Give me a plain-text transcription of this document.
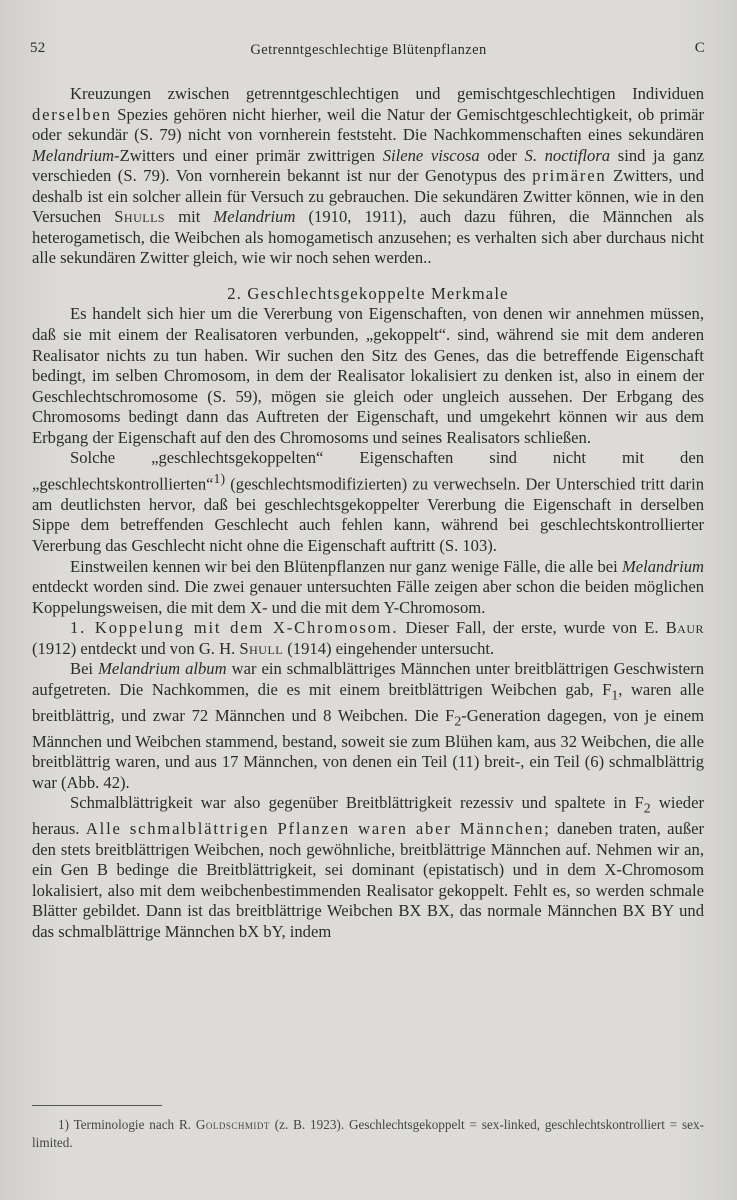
52	Getrenntgeschlechtige Blütenpflanzen	C

Kreuzungen zwischen getrenntgeschlechtigen und gemischtgeschlechtigen Individuen derselben Spezies gehören nicht hierher, weil die Natur der Gemischtgeschlechtigkeit, ob primär oder sekundär (S. 79) nicht von vornherein feststeht. Die Nachkommenschaften eines sekundären Melandrium-Zwitters und einer primär zwittrigen Silene viscosa oder S. noctiflora sind ja ganz verschieden (S. 79). Von vornherein bekannt ist nur der Genotypus des primären Zwitters, und deshalb ist ein solcher allein für Versuch zu gebrauchen. Die sekundären Zwitter können, wie in den Versuchen Shulls mit Melandrium (1910, 1911), auch dazu führen, die Männchen als heterogametisch, die Weibchen als homogametisch anzusehen; es verhalten sich aber durchaus nicht alle sekundären Zwitter gleich, wie wir noch sehen werden..

2. Geschlechtsgekoppelte Merkmale

Es handelt sich hier um die Vererbung von Eigenschaften, von denen wir annehmen müssen, daß sie mit einem der Realisatoren verbunden, „gekoppelt“. sind, während sie mit dem anderen Realisator nichts zu tun haben. Wir suchen den Sitz des Genes, das die betreffende Eigenschaft bedingt, im selben Chromosom, in dem der Realisator lokalisiert zu denken ist, also in einem der Geschlechtschromosome (S. 59), mögen sie gleich oder ungleich aussehen. Der Erbgang des Chromosoms bedingt dann das Auftreten der Eigenschaft, und umgekehrt können wir aus dem Erbgang der Eigenschaft auf den des Chromosoms und seines Realisators schließen.

Solche „geschlechtsgekoppelten“ Eigenschaften sind nicht mit den „geschlechtskontrollierten“$^{1)}$ (geschlechtsmodifizierten) zu verwechseln. Der Unterschied tritt darin am deutlichsten hervor, daß bei geschlechtsgekoppelter Vererbung die Eigenschaft in derselben Sippe dem betreffenden Geschlecht auch fehlen kann, während bei geschlechtskontrollierter Vererbung das Geschlecht nicht ohne die Eigenschaft auftritt (S. 103).

Einstweilen kennen wir bei den Blütenpflanzen nur ganz wenige Fälle, die alle bei Melandrium entdeckt worden sind. Die zwei genauer untersuchten Fälle zeigen aber schon die beiden möglichen Koppelungsweisen, die mit dem X- und die mit dem Y-Chromosom.

1. Koppelung mit dem X-Chromosom. Dieser Fall, der erste, wurde von E. Baur (1912) entdeckt und von G. H. Shull (1914) eingehender untersucht.

Bei Melandrium album war ein schmalblättriges Männchen unter breitblättrigen Geschwistern aufgetreten. Die Nachkommen, die es mit einem breitblättrigen Weibchen gab, $F_1$, waren alle breitblättrig, und zwar 72 Männchen und 8 Weibchen. Die $F_2$-Generation dagegen, von je einem Männchen und Weibchen stammend, bestand, soweit sie zum Blühen kam, aus 32 Weibchen, die alle breitblättrig waren, und aus 17 Männchen, von denen ein Teil (11) breit-, ein Teil (6) schmalblättrig war (Abb. 42).

Schmalblättrigkeit war also gegenüber Breitblättrigkeit rezessiv und spaltete in $F_2$ wieder heraus. Alle schmalblättrigen Pflanzen waren aber Männchen; daneben traten, außer den stets breitblättrigen Weibchen, noch gewöhnliche, breitblättrige Männchen auf. Nehmen wir an, ein Gen B bedinge die Breitblättrigkeit, sei dominant (epistatisch) und in dem X-Chromosom lokalisiert, also mit dem weibchenbestimmenden Realisator gekoppelt. Fehlt es, so werden schmale Blätter gebildet. Dann ist das breitblättrige Weibchen BX BX, das normale Männchen BX BY und das schmalblättrige Männchen bX bY, indem

1) Terminologie nach R. Goldschmidt (z. B. 1923). Geschlechtsgekoppelt = sex-linked, geschlechtskontrolliert = sex-limited.
